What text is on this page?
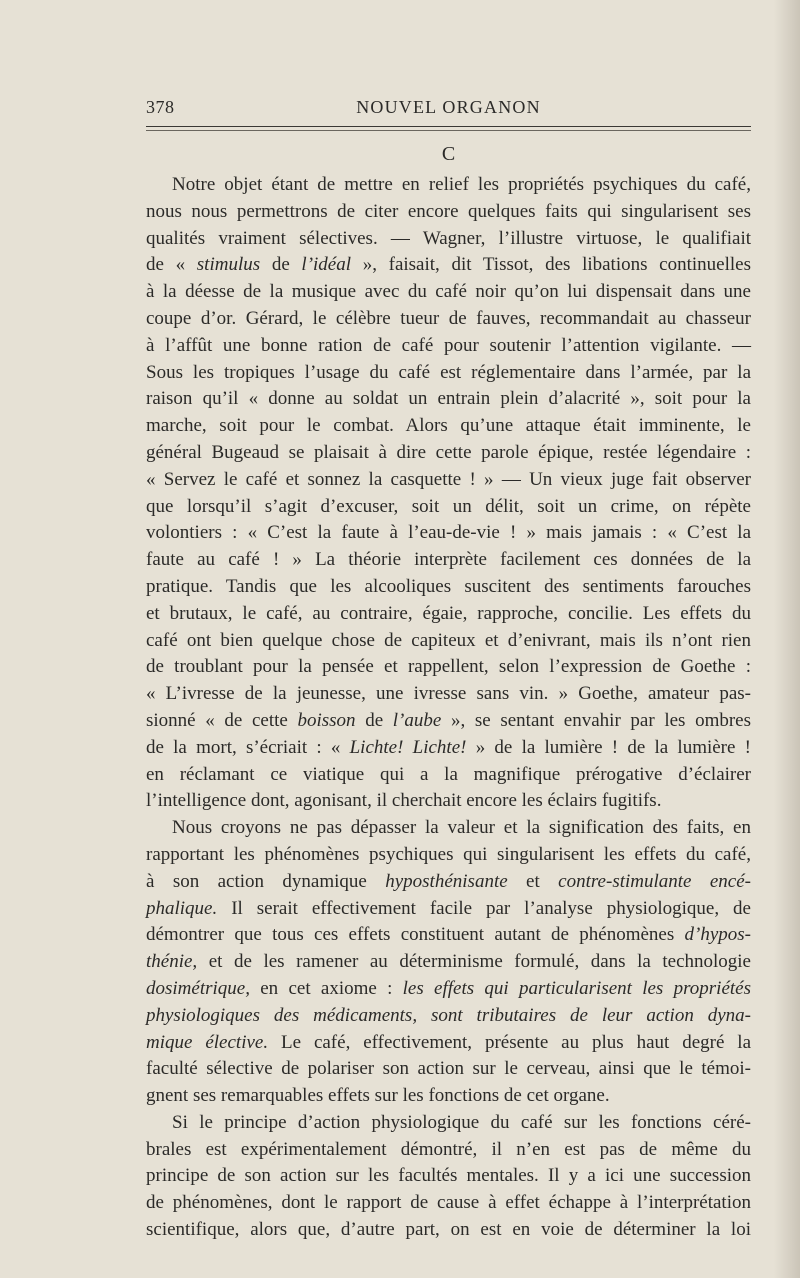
378	NOUVEL ORGANON
C
Notre objet étant de mettre en relief les propriétés psychiques du café,
nous nous permettrons de citer encore quelques faits qui singularisent ses
qualités vraiment sélectives. — Wagner, l’illustre virtuose, le qualifiait
de « stimulus de l’idéal », faisait, dit Tissot, des libations continuelles
à la déesse de la musique avec du café noir qu’on lui dispensait dans une
coupe d’or. Gérard, le célèbre tueur de fauves, recommandait au chasseur
à l’affût une bonne ration de café pour soutenir l’attention vigilante. —
Sous les tropiques l’usage du café est réglementaire dans l’armée, par la
raison qu’il « donne au soldat un entrain plein d’alacrité », soit pour la
marche, soit pour le combat. Alors qu’une attaque était imminente, le
général Bugeaud se plaisait à dire cette parole épique, restée légendaire :
« Servez le café et sonnez la casquette ! » — Un vieux juge fait observer
que lorsqu’il s’agit d’excuser, soit un délit, soit un crime, on répète
volontiers : « C’est la faute à l’eau-de-vie ! » mais jamais : « C’est la
faute au café ! » La théorie interprète facilement ces données de la
pratique. Tandis que les alcooliques suscitent des sentiments farouches
et brutaux, le café, au contraire, égaie, rapproche, concilie. Les effets du
café ont bien quelque chose de capiteux et d’enivrant, mais ils n’ont rien
de troublant pour la pensée et rappellent, selon l’expression de Goethe :
« L’ivresse de la jeunesse, une ivresse sans vin. » Goethe, amateur pas-
sionné « de cette boisson de l’aube », se sentant envahir par les ombres
de la mort, s’écriait : « Lichte! Lichte! » de la lumière ! de la lumière !
en réclamant ce viatique qui a la magnifique prérogative d’éclairer
l’intelligence dont, agonisant, il cherchait encore les éclairs fugitifs.
Nous croyons ne pas dépasser la valeur et la signification des faits, en
rapportant les phénomènes psychiques qui singularisent les effets du café,
à son action dynamique hyposthénisante et contre-stimulante encé-
phalique. Il serait effectivement facile par l’analyse physiologique, de
démontrer que tous ces effets constituent autant de phénomènes d’hypos-
thénie, et de les ramener au déterminisme formulé, dans la technologie
dosimétrique, en cet axiome : les effets qui particularisent les propriétés
physiologiques des médicaments, sont tributaires de leur action dyna-
mique élective. Le café, effectivement, présente au plus haut degré la
faculté sélective de polariser son action sur le cerveau, ainsi que le témoi-
gnent ses remarquables effets sur les fonctions de cet organe.
Si le principe d’action physiologique du café sur les fonctions céré-
brales est expérimentalement démontré, il n’en est pas de même du
principe de son action sur les facultés mentales. Il y a ici une succession
de phénomènes, dont le rapport de cause à effet échappe à l’interprétation
scientifique, alors que, d’autre part, on est en voie de déterminer la loi
